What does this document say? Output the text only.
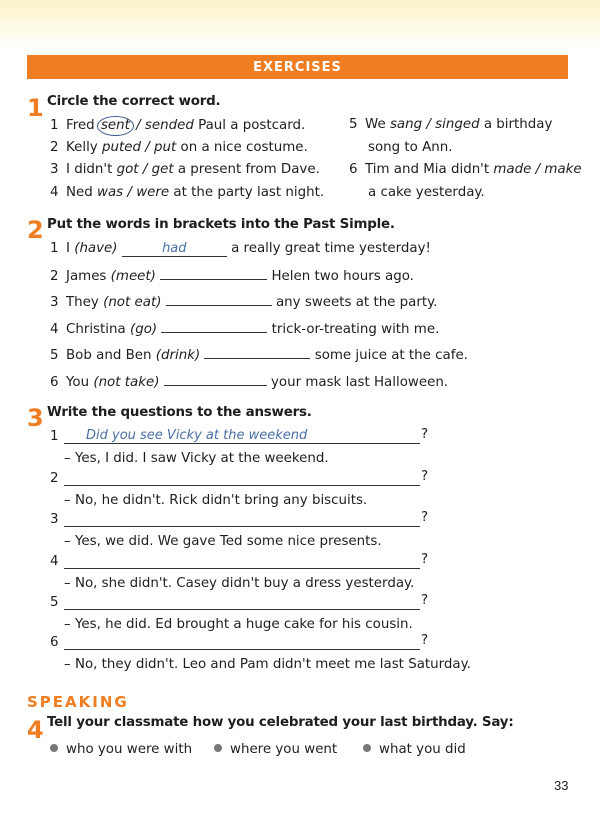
EXERCISES
1 Circle the correct word.
1 Fred sent / sended Paul a postcard.
2 Kelly puted / put on a nice costume.
3 I didn't got / get a present from Dave.
4 Ned was / were at the party last night.
5 We sang / singed a birthday
song to Ann.
6 Tim and Mia didn't made / make
a cake yesterday.
2 Put the words in brackets into the Past Simple.
1 I (have)	had	a really great time yesterday!
2 James (meet)	Helen two hours ago.
3 They (not eat)	any sweets at the party.
4 Christina (go)	trick-or-treating with me.
5 Bob and Ben (drink)	some juice at the cafe.
6 You (not take)	your mask last Halloween.
3 Write the questions to the answers.
1	Did you see Vicky at the weekend	?
– Yes, I did. I saw Vicky at the weekend.
2	?
– No, he didn't. Rick didn't bring any biscuits.
3	?
– Yes, we did. We gave Ted some nice presents.
4	?
– No, she didn't. Casey didn't buy a dress yesterday.
5	?
– Yes, he did. Ed brought a huge cake for his cousin.
6	?
– No, they didn't. Leo and Pam didn't meet me last Saturday.
SPEAKING
4 Tell your classmate how you celebrated your last birthday. Say:
who you were with	where you went	what you did
33
